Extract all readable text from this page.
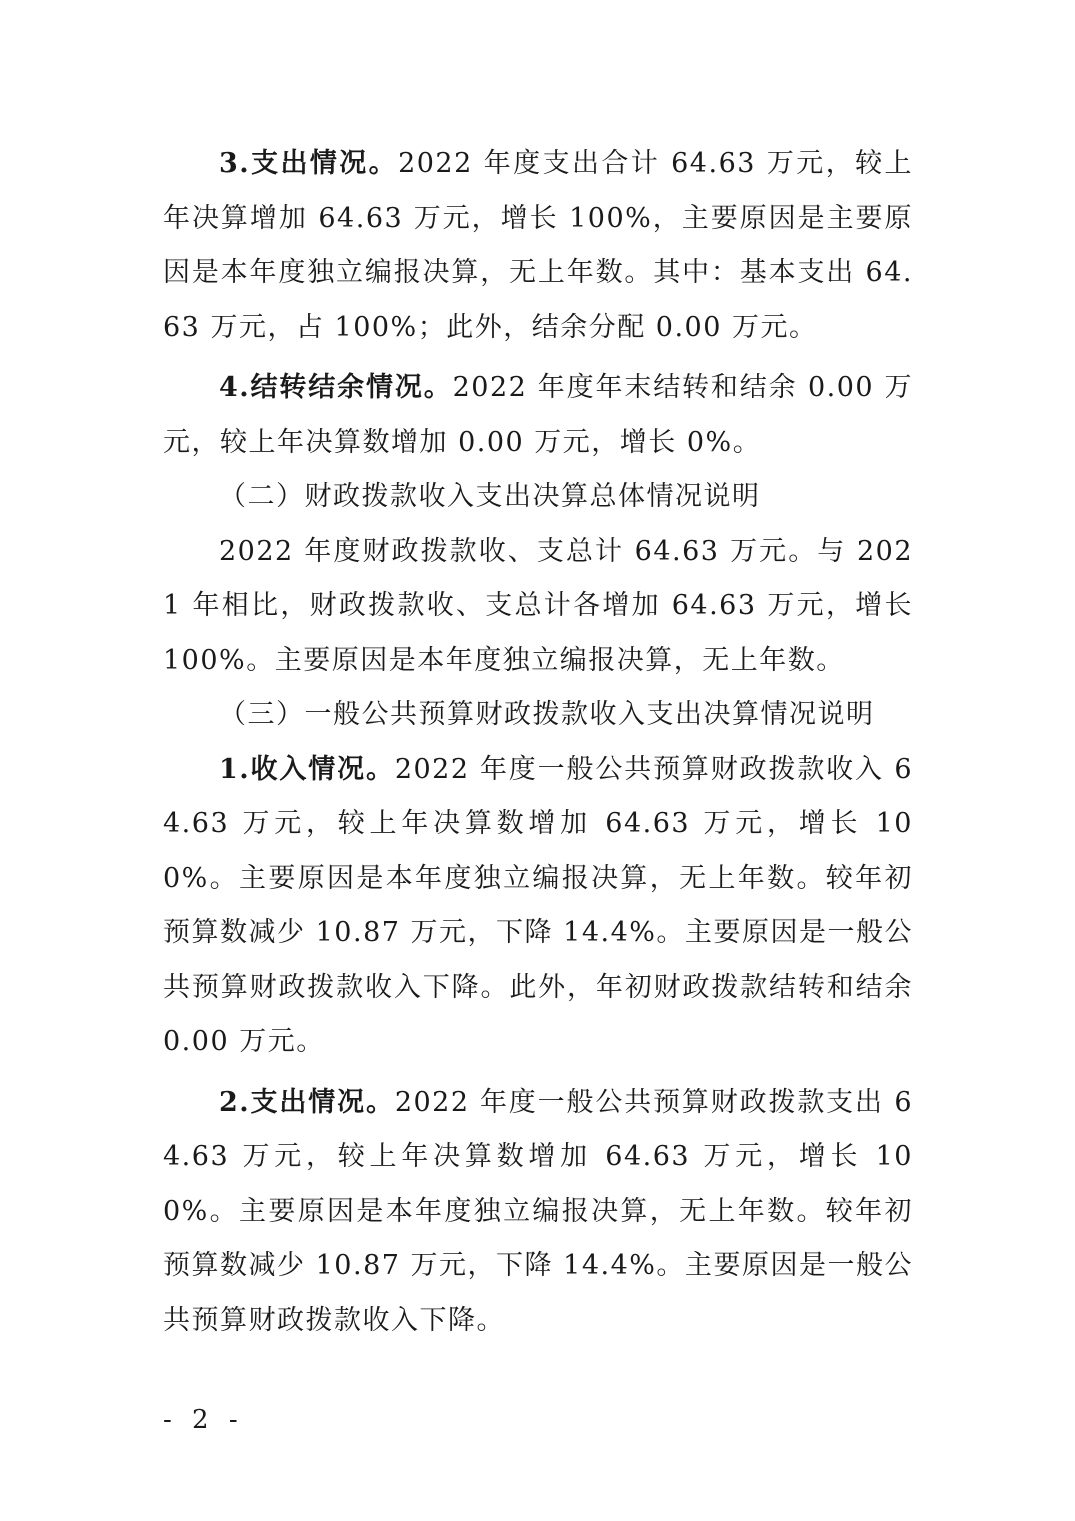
3.支出情况。2022 年度支出合计 64.63 万元，较上年决算增加 64.63 万元，增长 100%，主要原因是主要原因是本年度独立编报决算，无上年数。其中：基本支出 64.63 万元，占 100%；此外，结余分配 0.00 万元。

4.结转结余情况。2022 年度年末结转和结余 0.00 万元，较上年决算数增加 0.00 万元，增长 0%。

（二）财政拨款收入支出决算总体情况说明

2022 年度财政拨款收、支总计 64.63 万元。与 2021 年相比，财政拨款收、支总计各增加 64.63 万元，增长 100%。主要原因是本年度独立编报决算，无上年数。

（三）一般公共预算财政拨款收入支出决算情况说明

1.收入情况。2022 年度一般公共预算财政拨款收入 64.63 万元，较上年决算数增加 64.63 万元，增长 100%。主要原因是本年度独立编报决算，无上年数。较年初预算数减少 10.87 万元，下降 14.4%。主要原因是一般公共预算财政拨款收入下降。此外，年初财政拨款结转和结余 0.00 万元。

2.支出情况。2022 年度一般公共预算财政拨款支出 64.63 万元，较上年决算数增加 64.63 万元，增长 100%。主要原因是本年度独立编报决算，无上年数。较年初预算数减少 10.87 万元，下降 14.4%。主要原因是一般公共预算财政拨款收入下降。

- 2 -
